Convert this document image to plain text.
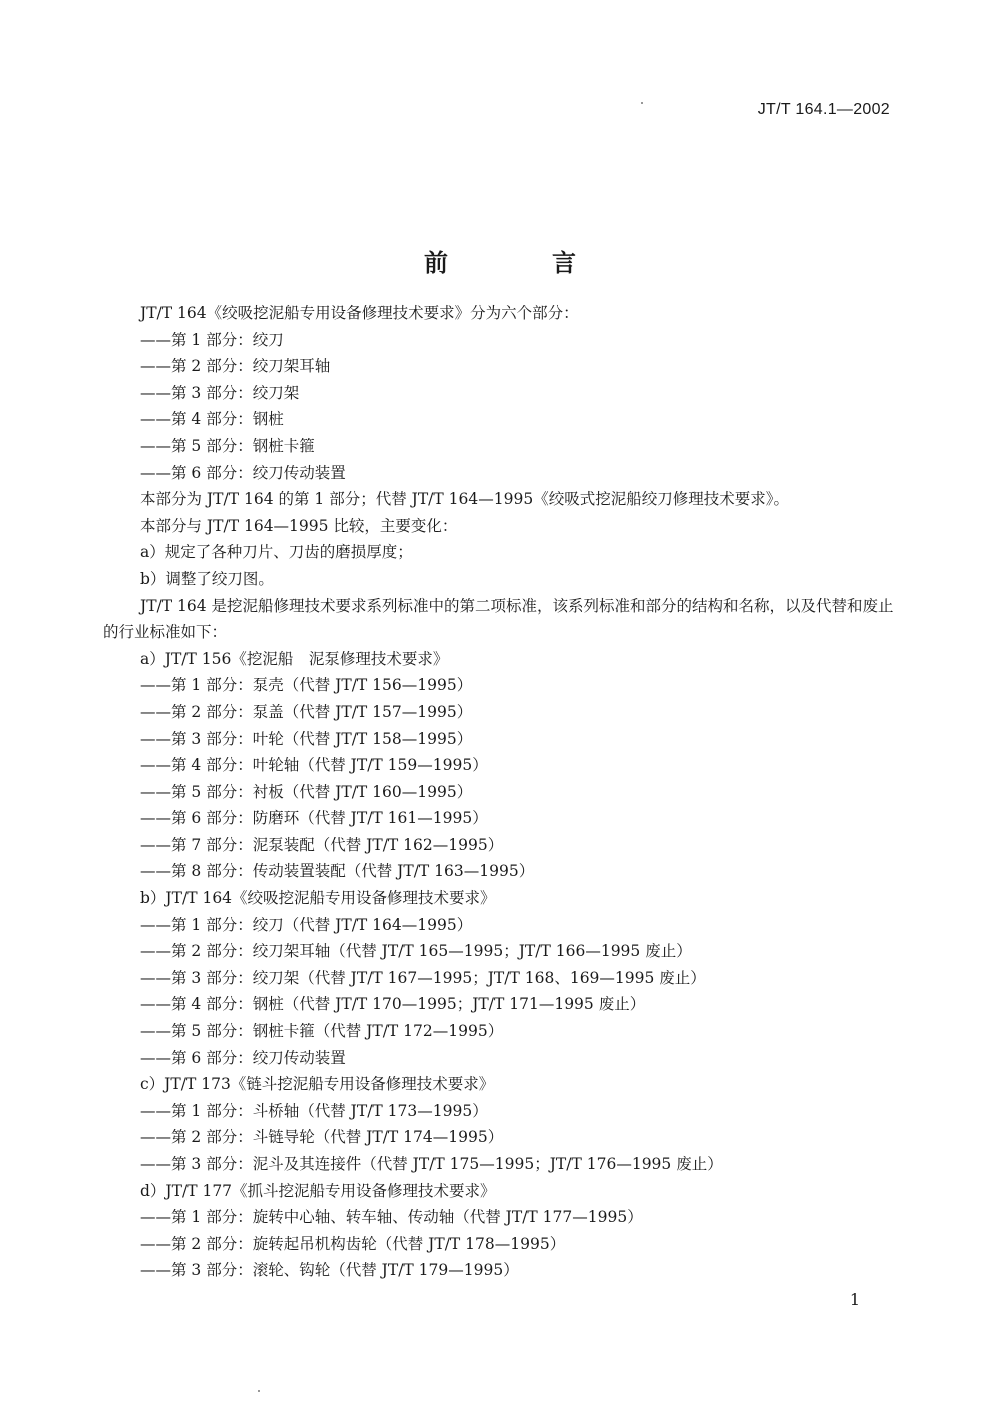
JT/T 164.1—2002
前　言
JT/T 164《绞吸挖泥船专用设备修理技术要求》分为六个部分：
——第 1 部分：绞刀
——第 2 部分：绞刀架耳轴
——第 3 部分：绞刀架
——第 4 部分：钢桩
——第 5 部分：钢桩卡箍
——第 6 部分：绞刀传动装置
本部分为 JT/T 164 的第 1 部分；代替 JT/T 164—1995《绞吸式挖泥船绞刀修理技术要求》。
本部分与 JT/T 164—1995 比较，主要变化：
a）规定了各种刀片、刀齿的磨损厚度；
b）调整了绞刀图。
JT/T 164 是挖泥船修理技术要求系列标准中的第二项标准，该系列标准和部分的结构和名称，以及代替和废止的行业标准如下：
a）JT/T 156《挖泥船　泥泵修理技术要求》
——第 1 部分：泵壳（代替 JT/T 156—1995）
——第 2 部分：泵盖（代替 JT/T 157—1995）
——第 3 部分：叶轮（代替 JT/T 158—1995）
——第 4 部分：叶轮轴（代替 JT/T 159—1995）
——第 5 部分：衬板（代替 JT/T 160—1995）
——第 6 部分：防磨环（代替 JT/T 161—1995）
——第 7 部分：泥泵装配（代替 JT/T 162—1995）
——第 8 部分：传动装置装配（代替 JT/T 163—1995）
b）JT/T 164《绞吸挖泥船专用设备修理技术要求》
——第 1 部分：绞刀（代替 JT/T 164—1995）
——第 2 部分：绞刀架耳轴（代替 JT/T 165—1995；JT/T 166—1995 废止）
——第 3 部分：绞刀架（代替 JT/T 167—1995；JT/T 168、169—1995 废止）
——第 4 部分：钢桩（代替 JT/T 170—1995；JT/T 171—1995 废止）
——第 5 部分：钢桩卡箍（代替 JT/T 172—1995）
——第 6 部分：绞刀传动装置
c）JT/T 173《链斗挖泥船专用设备修理技术要求》
——第 1 部分：斗桥轴（代替 JT/T 173—1995）
——第 2 部分：斗链导轮（代替 JT/T 174—1995）
——第 3 部分：泥斗及其连接件（代替 JT/T 175—1995；JT/T 176—1995 废止）
d）JT/T 177《抓斗挖泥船专用设备修理技术要求》
——第 1 部分：旋转中心轴、转车轴、传动轴（代替 JT/T 177—1995）
——第 2 部分：旋转起吊机构齿轮（代替 JT/T 178—1995）
——第 3 部分：滚轮、钩轮（代替 JT/T 179—1995）
1
